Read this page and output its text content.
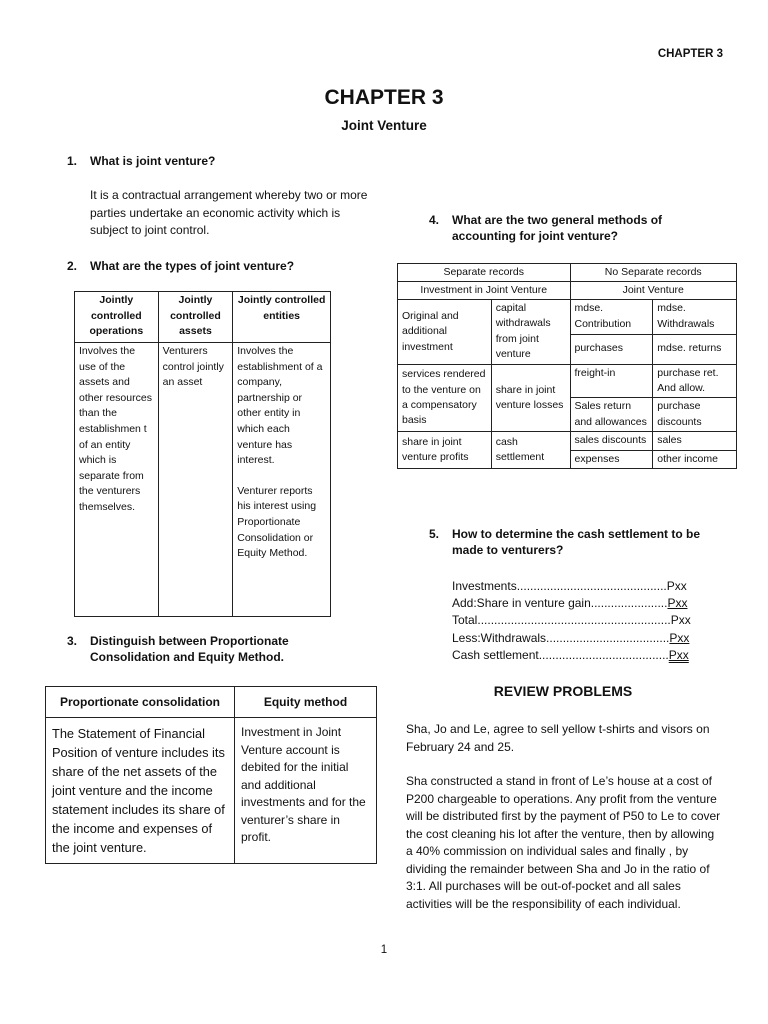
CHAPTER 3
CHAPTER 3
Joint Venture
1.	What is joint venture?
It is a contractual arrangement whereby two or more parties undertake an economic activity which is subject to joint control.
2.	What are the types of joint venture?
Jointly controlled operations	Jointly controlled assets	Jointly controlled entities
Involves the use of the assets and other resources than the establishmen t of an entity which is separate from the venturers themselves.	Venturers control jointly an asset	Involves the establishment of a company, partnership or other entity in which each venture has interest.
Venturer reports his interest using Proportionate Consolidation or Equity Method.
3.	Distinguish between Proportionate Consolidation and Equity Method.
Proportionate consolidation	Equity method
The Statement of Financial Position of venture includes its share of the net assets of the joint venture and the income statement includes its share of the income and expenses of the joint venture.	Investment in Joint Venture account is debited for the initial and additional investments and for the venturer’s share in profit.
4.	What are the two general methods of accounting for joint venture?
Separate records		No Separate records	
Investment in Joint Venture		Joint Venture	
Original and additional investment	capital withdrawals from joint venture	mdse. Contribution	mdse. Withdrawals
		purchases	mdse. returns
services rendered to the venture on a compensatory basis	share in joint venture losses	freight-in	purchase ret. And allow.
		Sales return and allowances	purchase discounts
share in joint venture profits	cash settlement	sales discounts	sales
		expenses	other income
5.	How to determine the cash settlement to be made to venturers?
Investments.............................................Pxx
Add:Share in venture gain.......................Pxx
Total..........................................................Pxx
Less:Withdrawals.....................................Pxx
Cash settlement.......................................Pxx
REVIEW PROBLEMS
Sha, Jo and Le, agree to sell yellow t-shirts and visors on February 24 and 25.
Sha constructed a stand in front of Le’s house at a cost of P200 chargeable to operations. Any profit from the venture will be distributed first by the payment of P50 to Le to cover the cost cleaning his lot after the venture, then by allowing a 40% commission on individual sales and finally , by dividing the remainder between Sha and Jo in the ratio of 3:1. All purchases will be out-of-pocket and all sales activities will be the responsibility of each individual.
1
